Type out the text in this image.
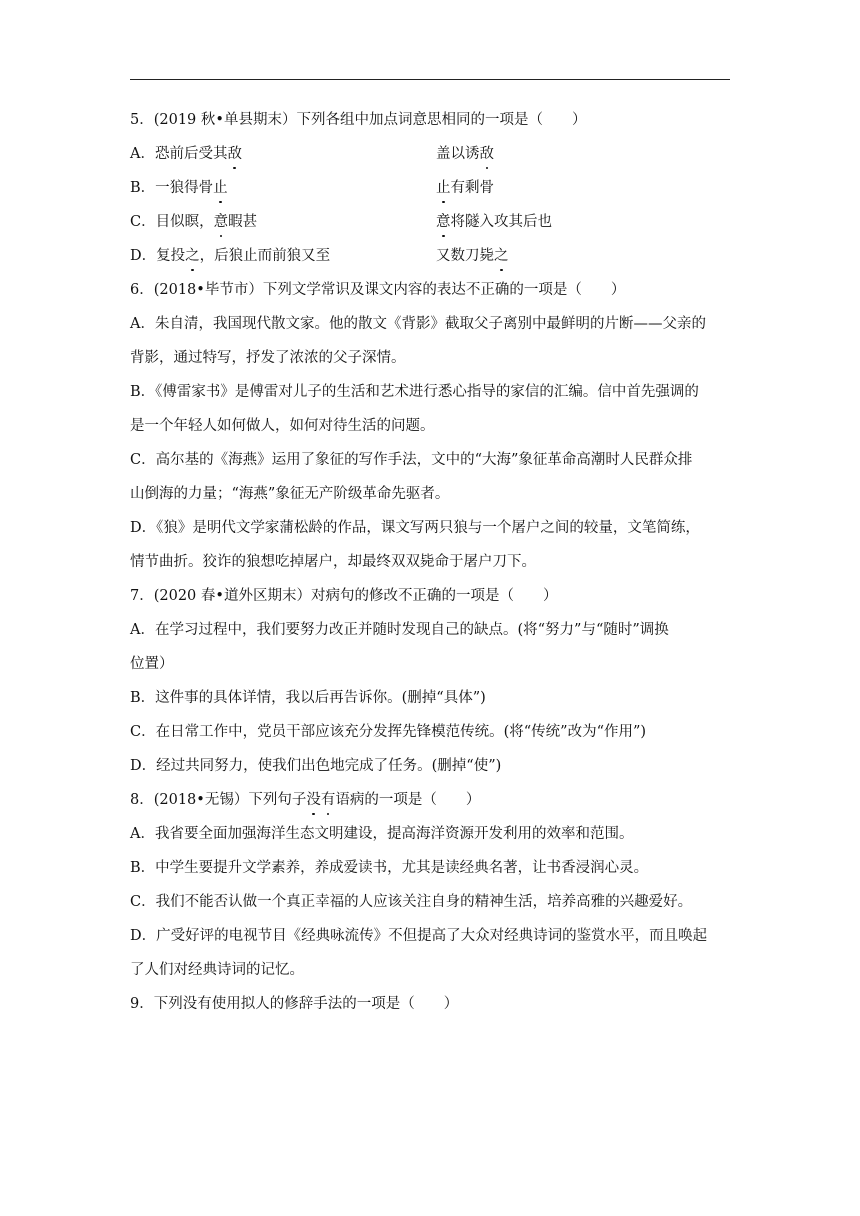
5．(2019 秋•单县期末）下列各组中加点词意思相同的一项是（　　）
A．恐前后受其敌	盖以诱敌
B．一狼得骨止	止有剩骨
C．目似瞑，意暇甚	意将隧入攻其后也
D．复投之，后狼止而前狼又至	又数刀毙之
6．(2018•毕节市）下列文学常识及课文内容的表达不正确的一项是（　　）
A．朱自清，我国现代散文家。他的散文《背影》截取父子离别中最鲜明的片断——父亲的
背影，通过特写，抒发了浓浓的父子深情。
B．《傅雷家书》是傅雷对儿子的生活和艺术进行悉心指导的家信的汇编。信中首先强调的
是一个年轻人如何做人，如何对待生活的问题。
C．高尔基的《海燕》运用了象征的写作手法，文中的“大海”象征革命高潮时人民群众排
山倒海的力量；“海燕”象征无产阶级革命先驱者。
D．《狼》是明代文学家蒲松龄的作品，课文写两只狼与一个屠户之间的较量，文笔简练，
情节曲折。狡诈的狼想吃掉屠户，却最终双双毙命于屠户刀下。
7．(2020 春•道外区期末）对病句的修改不正确的一项是（　　）
A．在学习过程中，我们要努力改正并随时发现自己的缺点。(将“努力”与“随时”调换
位置）
B．这件事的具体详情，我以后再告诉你。(删掉“具体”)
C．在日常工作中，党员干部应该充分发挥先锋模范传统。(将“传统”改为“作用”)
D．经过共同努力，使我们出色地完成了任务。(删掉“使”)
8．(2018•无锡）下列句子没有语病的一项是（　　）
A．我省要全面加强海洋生态文明建设，提高海洋资源开发利用的效率和范围。
B．中学生要提升文学素养，养成爱读书，尤其是读经典名著，让书香浸润心灵。
C．我们不能否认做一个真正幸福的人应该关注自身的精神生活，培养高雅的兴趣爱好。
D．广受好评的电视节目《经典咏流传》不但提高了大众对经典诗词的鉴赏水平，而且唤起
了人们对经典诗词的记忆。
9．下列没有使用拟人的修辞手法的一项是（　　）
